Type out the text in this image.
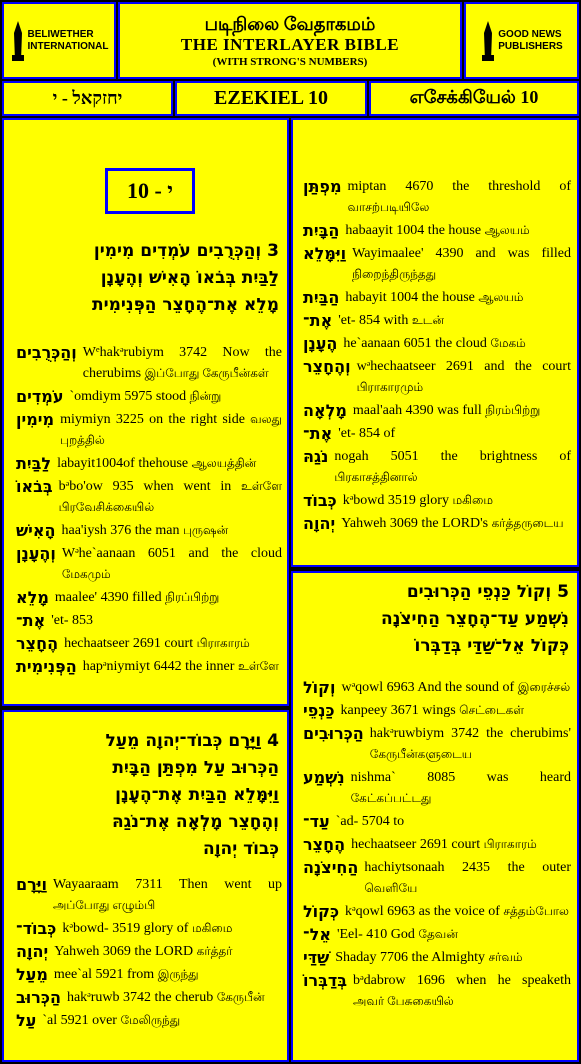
BELIWETHER
INTERNATIONAL
படிநிலை வேதாகமம்
THE INTERLAYER BIBLE
(WITH STRONG'S NUMBERS)
GOOD NEWS
PUBLISHERS
יחזקאל - י	EZEKIEL 10	எசேக்கியேல் 10
י - 10
3 וְהַכְּרֻבִים עֹמְדִים מִימִין
לַבַּיִת בְּבֹאוֹ הָאִישׁ וְהֶעָנָן
מָלֵא אֶת־הֶחָצֵר הַפְּנִימִית
וְהַכְּרֻבִים Wᵉhakᵊrubiym 3742 Now the cherubims இப்போது கேருபீன்கள்
עֹמְדִים `omdiym 5975 stood நின்று
מִימִין miymiyn 3225 on the right side வலது புறத்தில்
לַבַּיִת labayit1004of thehouse ஆலயத்தின்
בְּבֹאוֹ bᵊbo'ow 935 when went in உள்ளே பிரவேசிக்கையில்
הָאִישׁ haa'iysh 376 the man புருஷன்
וְהֶעָנָן Wᵊhe`aanaan 6051 and the cloud மேகமும்
מָלֵא maalee' 4390 filled நிரப்பிற்று
אֶת־ 'et- 853
הֶחָצֵר hechaatseer 2691 court பிராகாரம்
הַפְּנִימִית hapᵊniymiyt 6442 the inner உள்ளே
4 וַיָּרָם כְּבוֹד־יְהוָה מֵעַל
הַכְּרוּב עַל מִפְתַּן הַבָּיִת
וַיִּמָּלֵא הַבַּיִת אֶת־הֶעָנָן
וְהֶחָצֵר מָלְאָה אֶת־נֹגַהּ
כְּבוֹד יְהוָה
וַיָּרָם Wayaaraam 7311 Then went up அப்போது எழும்பி
כְּבוֹד־ kᵊbowd- 3519 glory of மகிமை
יְהוָה Yahweh 3069 the LORD கர்த்தர்
מֵעַל mee`al 5921 from இருந்து
הַכְּרוּב hakᵊruwb 3742 the cherub கேருபீன்
עַל `al 5921 over மேலிருந்து
מִפְתַּן miptan 4670 the threshold of வாசற்படியிலே
הַבָּיִת habaayit 1004 the house ஆலயம்
וַיִּמָּלֵא Wayimaalee' 4390 and was filled நிறைந்திருந்தது
הַבַּיִת habayit 1004 the house ஆலயம்
אֶת־ 'et- 854 with உடன்
הֶעָנָן he`aanaan 6051 the cloud மேகம்
וְהֶחָצֵר wᵊhechaatseer 2691 and the court பிராகாரமும்
מָלְאָה maal'aah 4390 was full நிரம்பிற்று
אֶת־ 'et- 854 of
נֹגַהּ nogah 5051 the brightness of பிரகாசத்தினால்
כְּבוֹד kᵊbowd 3519 glory மகிமை
יְהוָה Yahweh 3069 the LORD's கர்த்தருடைய
5 וְקוֹל כַּנְפֵי הַכְּרוּבִים
נִשְׁמַע עַד־הֶחָצֵר הַחִיצֹנָה
כְּקוֹל אֵל־שַׁדַּי בְּדַבְּרוֹ
וְקוֹל wᵊqowl 6963 And the sound of இரைச்சல்
כַּנְפֵי kanpeey 3671 wings செட்டைகள்
הַכְּרוּבִים hakᵊruwbiym 3742 the cherubims' கேருபீன்களுடைய
נִשְׁמַע nishma` 8085 was heard கேட்கப்பட்டது
עַד־ `ad- 5704 to
הֶחָצֵר hechaatseer 2691 court பிராகாரம்
הַחִיצֹנָה hachiytsonaah 2435 the outer வெளியே
כְּקוֹל kᵊqowl 6963 as the voice of சத்தம்போல
אֵל־ 'Eel- 410 God தேவன்
שַׁדַּי Shaday 7706 the Almighty சர்வம்
בְּדַבְּרוֹ bᵊdabrow 1696 when he speaketh அவர் பேசுகையில்
